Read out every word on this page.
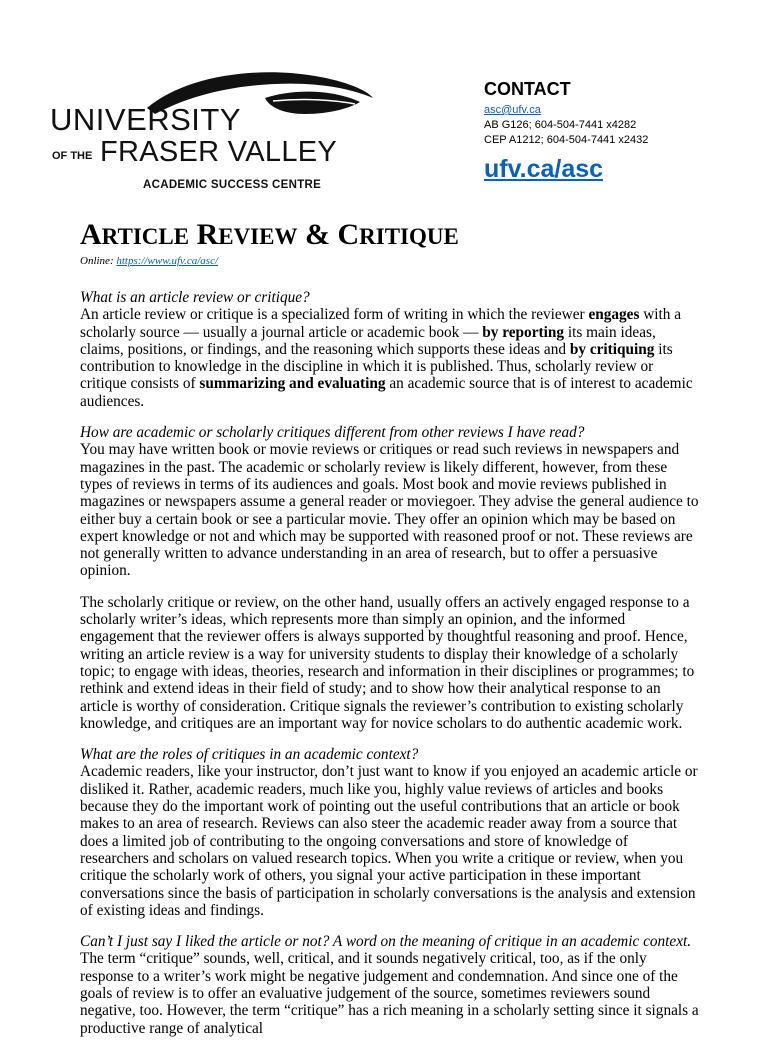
UNIVERSITY
OF THE FRASER VALLEY
ACADEMIC SUCCESS CENTRE
CONTACT
asc@ufv.ca
AB G126; 604-504-7441 x4282
CEP A1212; 604-504-7441 x2432
ufv.ca/asc
ARTICLE REVIEW & CRITIQUE
Online: https://www.ufv.ca/asc/

What is an article review or critique?

An article review or critique is a specialized form of writing in which the reviewer engages with a scholarly source — usually a journal article or academic book — by reporting its main ideas, claims, positions, or findings, and the reasoning which supports these ideas and by critiquing its contribution to knowledge in the discipline in which it is published. Thus, scholarly review or critique consists of summarizing and evaluating an academic source that is of interest to academic audiences.

How are academic or scholarly critiques different from other reviews I have read?

You may have written book or movie reviews or critiques or read such reviews in newspapers and magazines in the past. The academic or scholarly review is likely different, however, from these types of reviews in terms of its audiences and goals. Most book and movie reviews published in magazines or newspapers assume a general reader or moviegoer. They advise the general audience to either buy a certain book or see a particular movie. They offer an opinion which may be based on expert knowledge or not and which may be supported with reasoned proof or not. These reviews are not generally written to advance understanding in an area of research, but to offer a persuasive opinion.

The scholarly critique or review, on the other hand, usually offers an actively engaged response to a scholarly writer’s ideas, which represents more than simply an opinion, and the informed engagement that the reviewer offers is always supported by thoughtful reasoning and proof. Hence, writing an article review is a way for university students to display their knowledge of a scholarly topic; to engage with ideas, theories, research and information in their disciplines or programmes; to rethink and extend ideas in their field of study; and to show how their analytical response to an article is worthy of consideration. Critique signals the reviewer’s contribution to existing scholarly knowledge, and critiques are an important way for novice scholars to do authentic academic work.

What are the roles of critiques in an academic context?

Academic readers, like your instructor, don’t just want to know if you enjoyed an academic article or disliked it. Rather, academic readers, much like you, highly value reviews of articles and books because they do the important work of pointing out the useful contributions that an article or book makes to an area of research. Reviews can also steer the academic reader away from a source that does a limited job of contributing to the ongoing conversations and store of knowledge of researchers and scholars on valued research topics. When you write a critique or review, when you critique the scholarly work of others, you signal your active participation in these important conversations since the basis of participation in scholarly conversations is the analysis and extension of existing ideas and findings.

Can’t I just say I liked the article or not? A word on the meaning of critique in an academic context.

The term “critique” sounds, well, critical, and it sounds negatively critical, too, as if the only response to a writer’s work might be negative judgement and condemnation. And since one of the goals of review is to offer an evaluative judgement of the source, sometimes reviewers sound negative, too. However, the term “critique” has a rich meaning in a scholarly setting since it signals a productive range of analytical
